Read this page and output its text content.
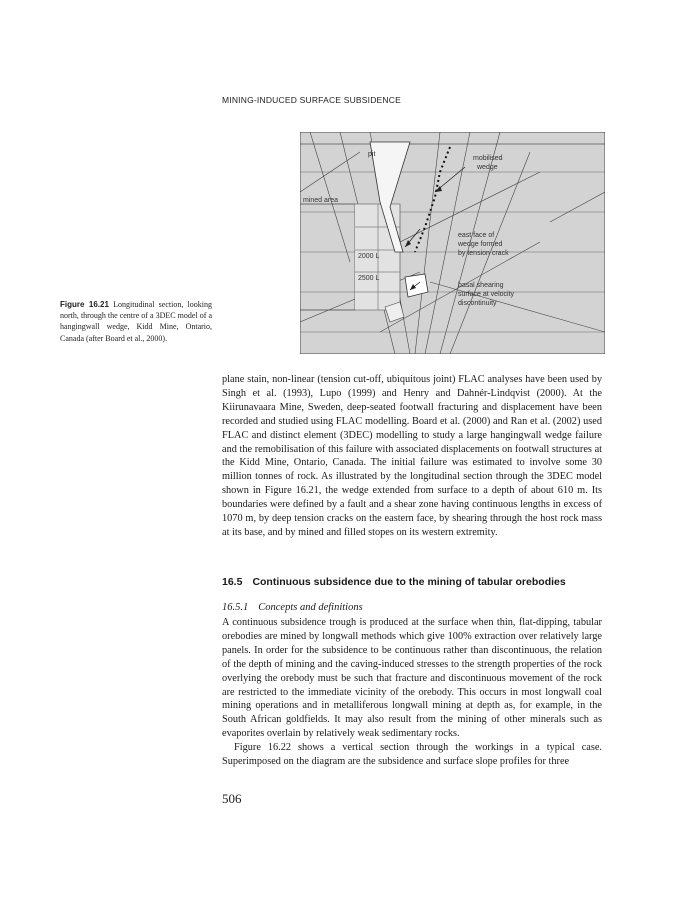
MINING-INDUCED SURFACE SUBSIDENCE
pit
mobilised wedge
mined area
2000 L
2500 L
east face of wedge formed by tension crack
basal shearing surface at velocity discontinuity
Figure 16.21 Longitudinal section, looking north, through the centre of a 3DEC model of a hangingwall wedge, Kidd Mine, Ontario, Canada (after Board et al., 2000).

plane stain, non-linear (tension cut-off, ubiquitous joint) FLAC analyses have been used by Singh et al. (1993), Lupo (1999) and Henry and Dahnér-Lindqvist (2000). At the Kiirunavaara Mine, Sweden, deep-seated footwall fracturing and displacement have been recorded and studied using FLAC modelling. Board et al. (2000) and Ran et al. (2002) used FLAC and distinct element (3DEC) modelling to study a large hangingwall wedge failure and the remobilisation of this failure with associated displacements on footwall structures at the Kidd Mine, Ontario, Canada. The initial failure was estimated to involve some 30 million tonnes of rock. As illustrated by the longitudinal section through the 3DEC model shown in Figure 16.21, the wedge extended from surface to a depth of about 610 m. Its boundaries were defined by a fault and a shear zone having continuous lengths in excess of 1070 m, by deep tension cracks on the eastern face, by shearing through the host rock mass at its base, and by mined and filled stopes on its western extremity.

16.5 Continuous subsidence due to the mining of tabular orebodies
16.5.1 Concepts and definitions

A continuous subsidence trough is produced at the surface when thin, flat-dipping, tabular orebodies are mined by longwall methods which give 100% extraction over relatively large panels. In order for the subsidence to be continuous rather than discontinuous, the relation of the depth of mining and the caving-induced stresses to the strength properties of the rock overlying the orebody must be such that fracture and discontinuous movement of the rock are restricted to the immediate vicinity of the orebody. This occurs in most longwall coal mining operations and in metalliferous longwall mining at depth as, for example, in the South African goldfields. It may also result from the mining of other minerals such as evaporites overlain by relatively weak sedimentary rocks.

Figure 16.22 shows a vertical section through the workings in a typical case. Superimposed on the diagram are the subsidence and surface slope profiles for three

506
